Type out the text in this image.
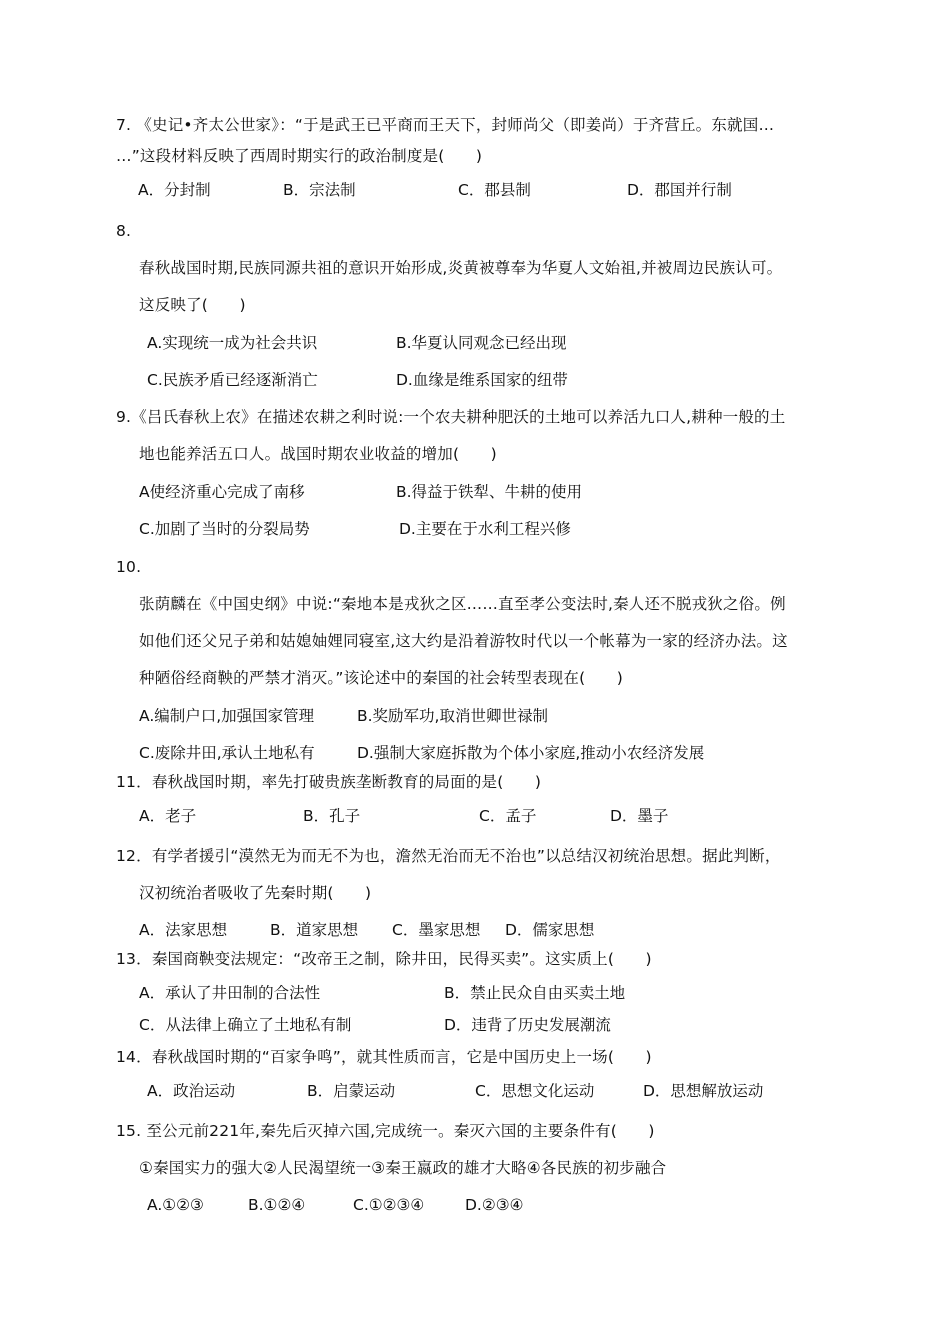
7. 《史记•齐太公世家》：“于是武王已平商而王天下，封师尚父（即姜尚）于齐营丘。东就国…
…”这段材料反映了西周时期实行的政治制度是(　　)
A．分封制	B．宗法制	C．郡县制	D．郡国并行制
8.
春秋战国时期,民族同源共祖的意识开始形成,炎黄被尊奉为华夏人文始祖,并被周边民族认可。
这反映了(　　)
A.实现统一成为社会共识	B.华夏认同观念已经出现
C.民族矛盾已经逐渐消亡	D.血缘是维系国家的纽带
9.《吕氏春秋上农》在描述农耕之利时说:一个农夫耕种肥沃的土地可以养活九口人,耕种一般的土
地也能养活五口人。战国时期农业收益的增加(　　)
A使经济重心完成了南移	B.得益于铁犁、牛耕的使用
C.加剧了当时的分裂局势	D.主要在于水利工程兴修
10.
张荫麟在《中国史纲》中说:“秦地本是戎狄之区……直至孝公变法时,秦人还不脱戎狄之俗。例
如他们还父兄子弟和姑媳妯娌同寝室,这大约是沿着游牧时代以一个帐幕为一家的经济办法。这
种陋俗经商鞅的严禁才消灭。”该论述中的秦国的社会转型表现在(　　)
A.编制户口,加强国家管理	B.奖励军功,取消世卿世禄制
C.废除井田,承认土地私有	D.强制大家庭拆散为个体小家庭,推动小农经济发展
11．春秋战国时期，率先打破贵族垄断教育的局面的是(　　)
A．老子	B．孔子	C．孟子	D．墨子
12．有学者援引“漠然无为而无不为也，澹然无治而无不治也”以总结汉初统治思想。据此判断，
汉初统治者吸收了先秦时期(　　)
A．法家思想	B．道家思想 C．墨家思想 D．儒家思想
13．秦国商鞅变法规定：“改帝王之制，除井田，民得买卖”。这实质上(　　)
A．承认了井田制的合法性	B．禁止民众自由买卖土地
C．从法律上确立了土地私有制	D．违背了历史发展潮流
14．春秋战国时期的“百家争鸣”，就其性质而言，它是中国历史上一场(　　)
A．政治运动	B．启蒙运动	C．思想文化运动	D．思想解放运动
15. 至公元前221年,秦先后灭掉六国,完成统一。秦灭六国的主要条件有(　　)
①秦国实力的强大②人民渴望统一③秦王嬴政的雄才大略④各民族的初步融合
A.①②③	B.①②④	C.①②③④	D.②③④
